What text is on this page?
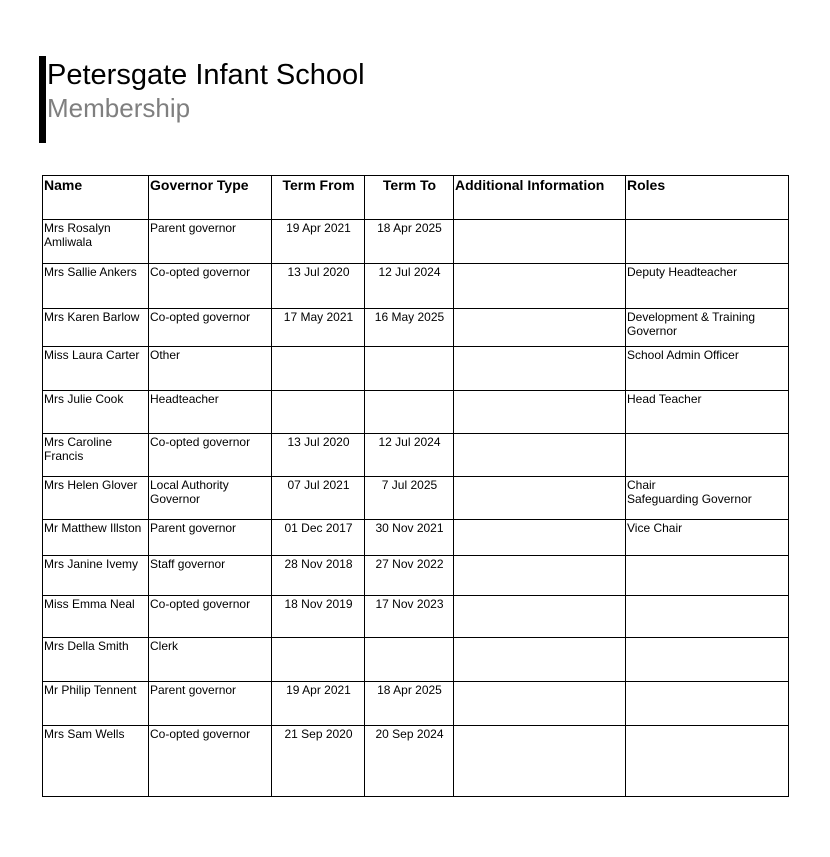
Petersgate Infant School
Membership
Name	Governor Type	Term From	Term To	Additional Information	Roles
Mrs Rosalyn Amliwala	Parent governor	19 Apr 2021	18 Apr 2025		
Mrs Sallie Ankers	Co-opted governor	13 Jul 2020	12 Jul 2024		Deputy Headteacher

Mrs Karen Barlow	Co-opted governor	17 May 2021	16 May 2025		Development & Training Governor

Miss Laura Carter	Other				School Admin Officer

Mrs Julie Cook	Headteacher				Head Teacher

Mrs Caroline Francis	Co-opted governor	13 Jul 2020	12 Jul 2024		
Mrs Helen Glover	Local Authority Governor	07 Jul 2021	7 Jul 2025		Chair
Safeguarding Governor

Mr Matthew Illston	Parent governor	01 Dec 2017	30 Nov 2021		Vice Chair

Mrs Janine Ivemy	Staff governor	28 Nov 2018	27 Nov 2022		
Miss Emma Neal	Co-opted governor	18 Nov 2019	17 Nov 2023		
Mrs Della Smith	Clerk				
Mr Philip Tennent	Parent governor	19 Apr 2021	18 Apr 2025		
Mrs Sam Wells	Co-opted governor	21 Sep 2020	20 Sep 2024		
